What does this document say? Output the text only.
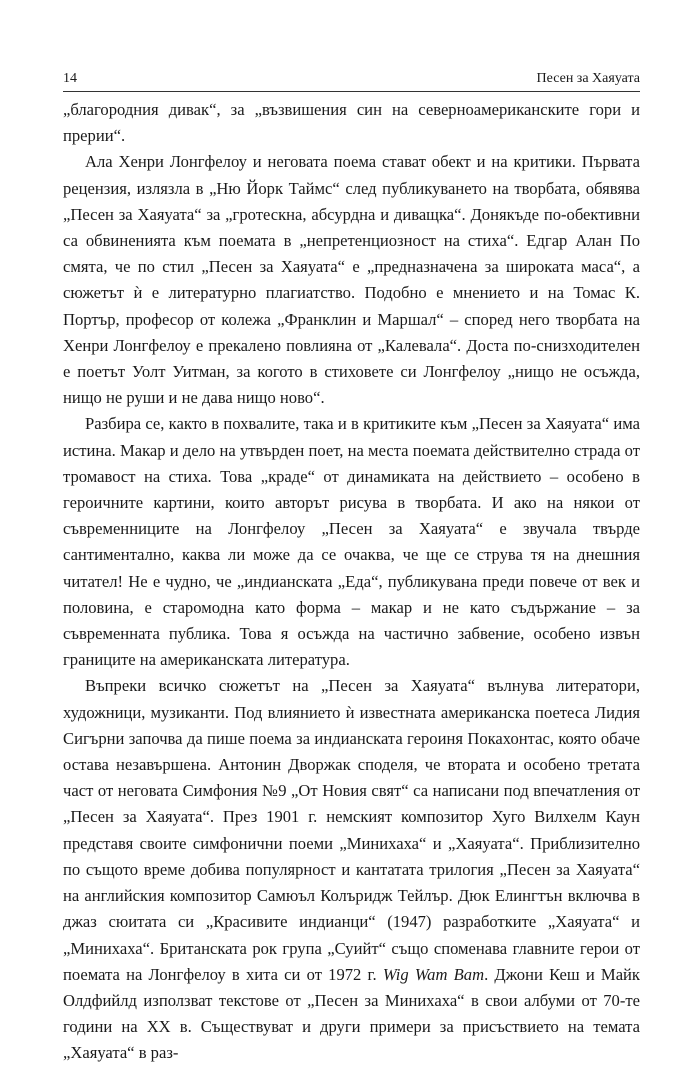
14	Песен за Хаяуата

„благородния дивак“, за „възвишения син на северноамериканските гори и прерии“.

Ала Хенри Лонгфелоу и неговата поема стават обект и на критики. Първата рецензия, излязла в „Ню Йорк Таймс“ след публикуването на творбата, обявява „Песен за Хаяуата“ за „гротескна, абсурдна и диващка“. Донякъде по-обективни са обвиненията към поемата в „непретенциозност на стиха“. Едгар Алан По смята, че по стил „Песен за Хаяуата“ е „предназначена за широката маса“, а сюжетът ѝ е литературно плагиатство. Подобно е мнението и на Томас К. Портър, професор от колежа „Франклин и Маршал“ – според него творбата на Хенри Лонгфелоу е прекалено повлияна от „Калевала“. Доста по-снизходителен е поетът Уолт Уитман, за когото в стиховете си Лонгфелоу „нищо не осъжда, нищо не руши и не дава нищо ново“.

Разбира се, както в похвалите, така и в критиките към „Песен за Хаяуата“ има истина. Макар и дело на утвърден поет, на места поемата действително страда от тромавост на стиха. Това „краде“ от динамиката на действието – особено в героичните картини, които авторът рисува в творбата. И ако на някои от съвременниците на Лонгфелоу „Песен за Хаяуата“ е звучала твърде сантиментално, каква ли може да се очаква, че ще се струва тя на днешния читател! Не е чудно, че „индианската „Еда“, публикувана преди повече от век и половина, е старомодна като форма – макар и не като съдържание – за съвременната публика. Това я осъжда на частично забвение, особено извън границите на американската литература.

Въпреки всичко сюжетът на „Песен за Хаяуата“ вълнува литератори, художници, музиканти. Под влиянието ѝ известната американска поетеса Лидия Сигърни започва да пише поема за индианската героиня Покахонтас, която обаче остава незавършена. Антонин Дворжак споделя, че втората и особено третата част от неговата Симфония №9 „От Новия свят“ са написани под впечатления от „Песен за Хаяуата“. През 1901 г. немският композитор Хуго Вилхелм Каун представя своите симфонични поеми „Минихаха“ и „Хаяуата“. Приблизително по същото време добива популярност и кантатата трилогия „Песен за Хаяуата“ на английския композитор Самюъл Колъридж Тейлър. Дюк Елингтън включва в джаз сюитата си „Красивите индианци“ (1947) разработките „Хаяуата“ и „Минихаха“. Британската рок група „Суийт“ също споменава главните герои от поемата на Лонгфелоу в хита си от 1972 г. Wig Wam Bam. Джони Кеш и Майк Олдфийлд използват текстове от „Песен за Минихаха“ в свои албуми от 70-те години на XX в. Съществуват и други примери за присъствието на темата „Хаяуата“ в раз-
